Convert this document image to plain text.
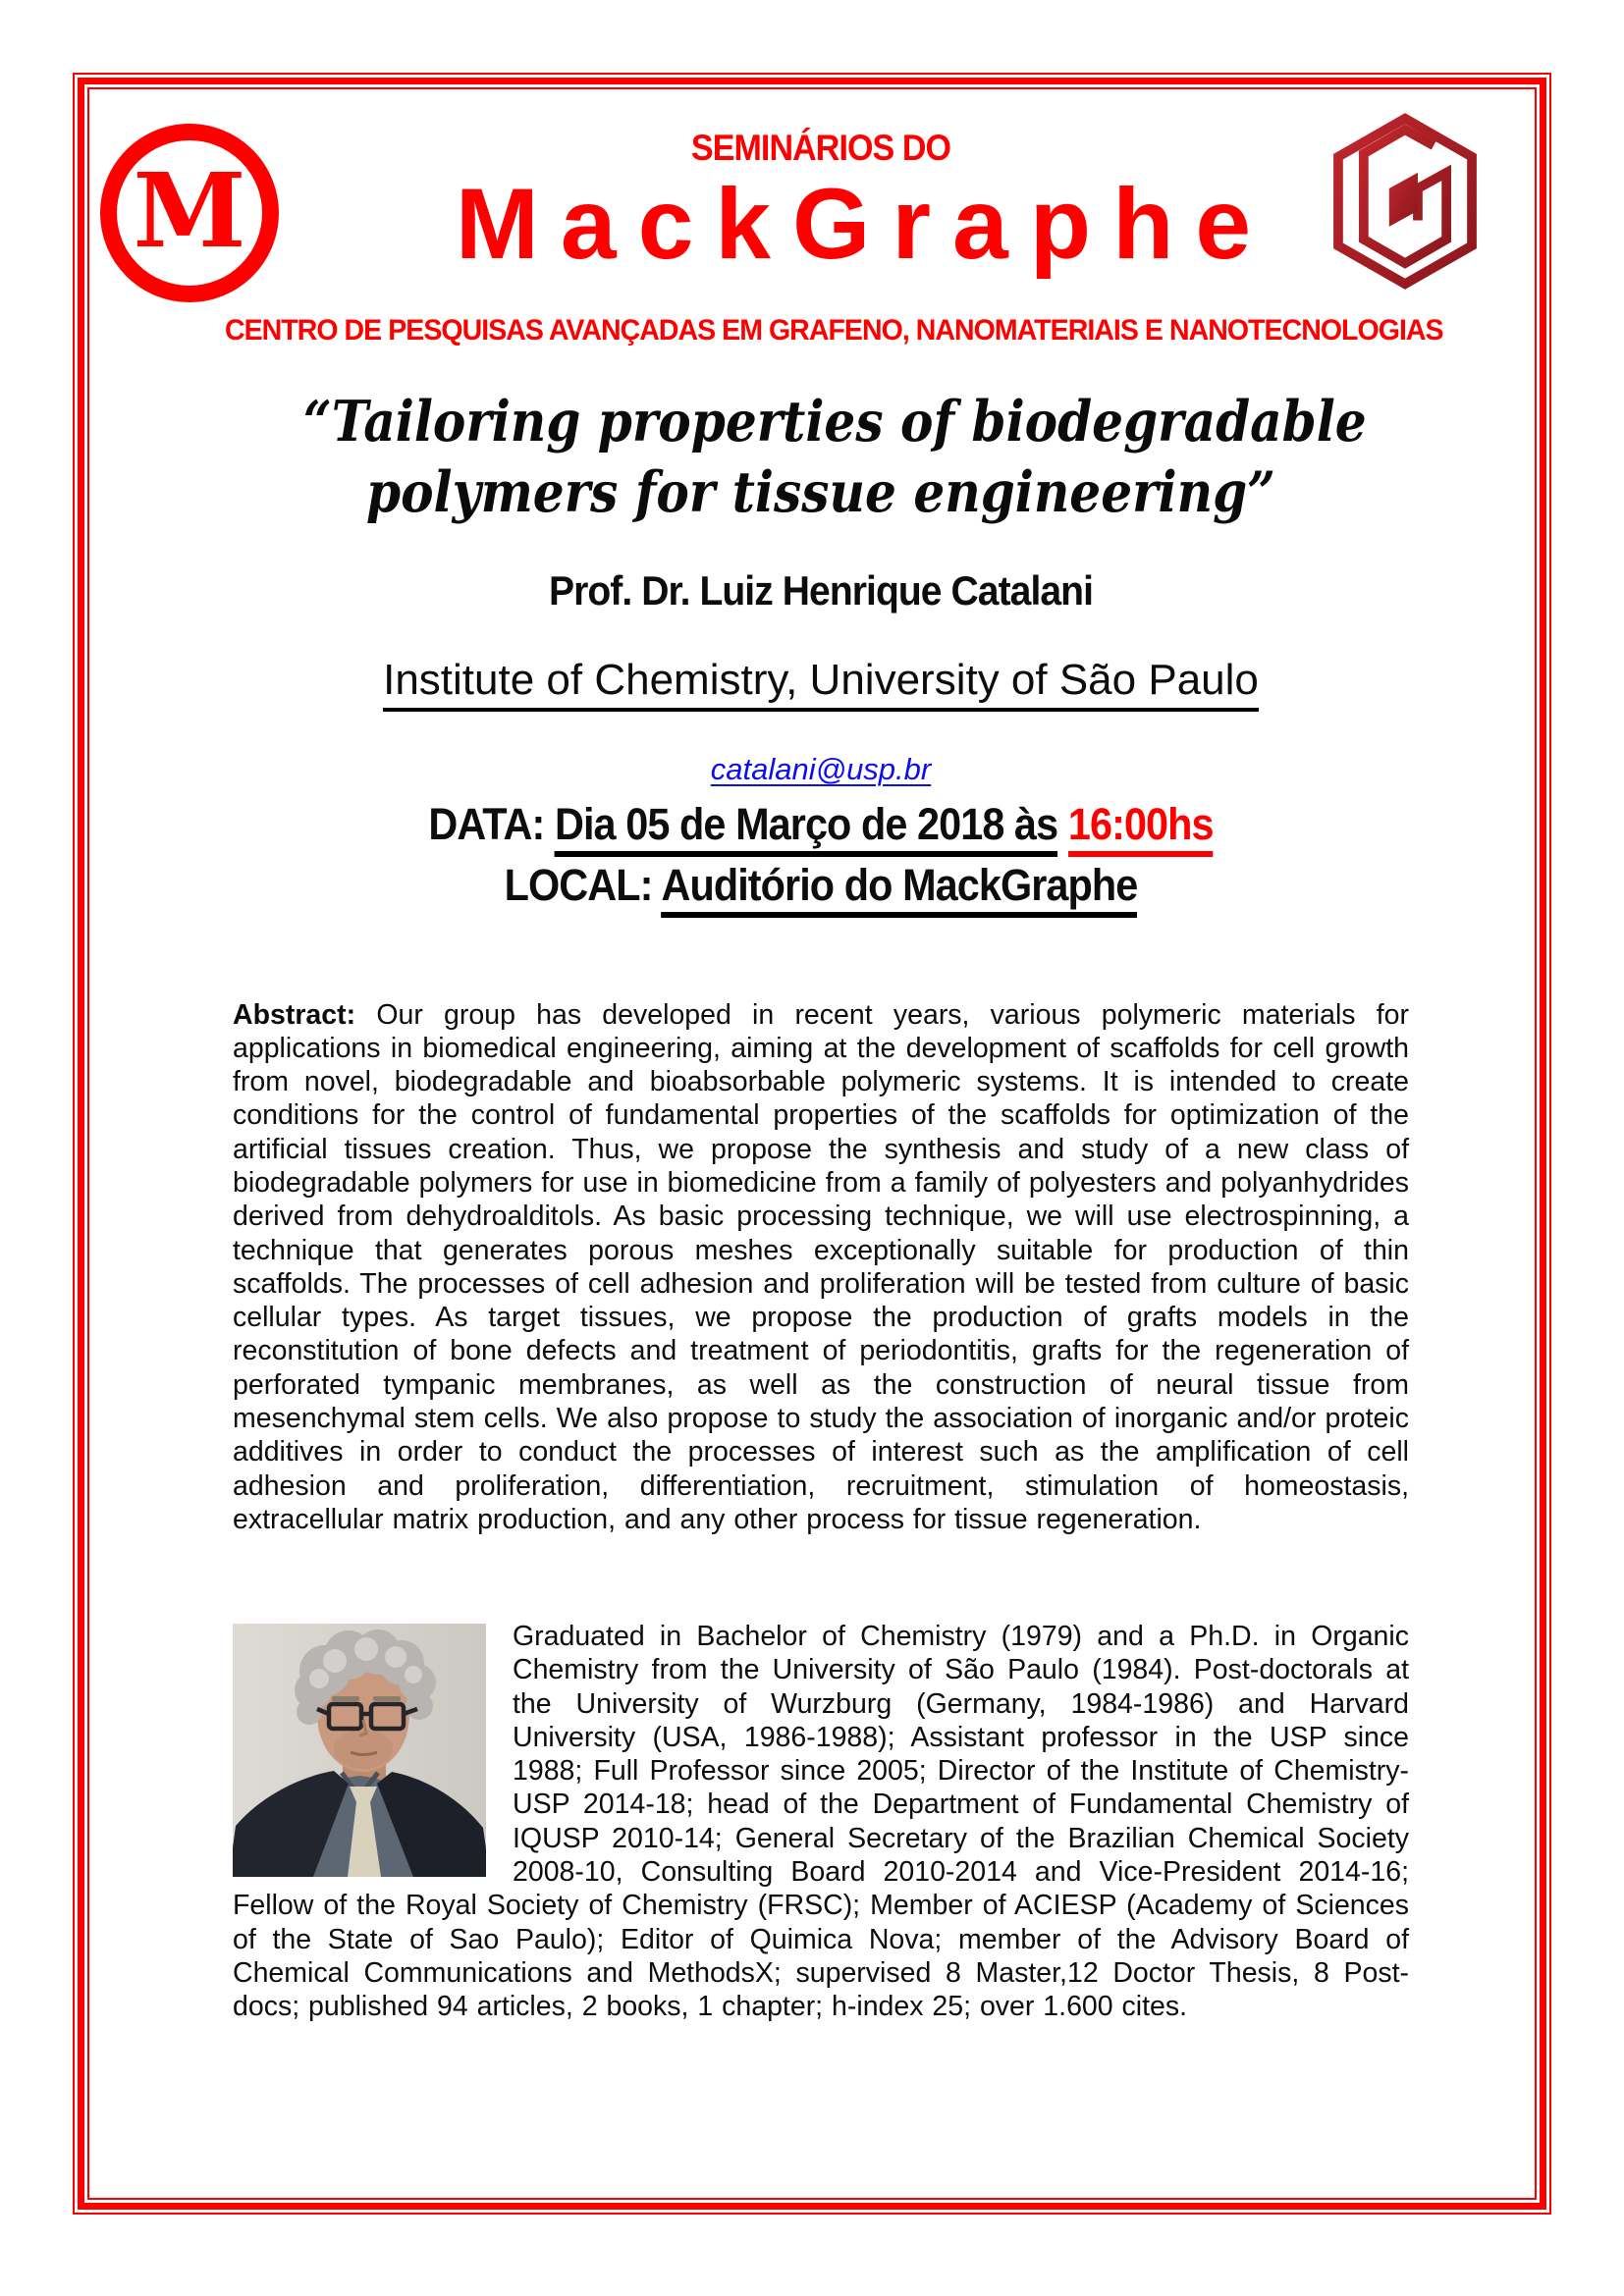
SEMINÁRIOS DO
M	MackGraphe
CENTRO DE PESQUISAS AVANÇADAS EM GRAFENO, NANOMATERIAIS E NANOTECNOLOGIAS
“Tailoring properties of biodegradable
polymers for tissue engineering”
Prof. Dr. Luiz Henrique Catalani
Institute of Chemistry, University of São Paulo
catalani@usp.br
DATA: Dia 05 de Março de 2018 às 16:00hs
LOCAL: Auditório do MackGraphe

Abstract: Our group has developed in recent years, various polymeric materials for applications in biomedical engineering, aiming at the development of scaffolds for cell growth from novel, biodegradable and bioabsorbable polymeric systems. It is intended to create conditions for the control of fundamental properties of the scaffolds for optimization of the artificial tissues creation. Thus, we propose the synthesis and study of a new class of biodegradable polymers for use in biomedicine from a family of polyesters and polyanhydrides derived from dehydroalditols. As basic processing technique, we will use electrospinning, a technique that generates porous meshes exceptionally suitable for production of thin scaffolds. The processes of cell adhesion and proliferation will be tested from culture of basic cellular types. As target tissues, we propose the production of grafts models in the reconstitution of bone defects and treatment of periodontitis, grafts for the regeneration of perforated tympanic membranes, as well as the construction of neural tissue from mesenchymal stem cells. We also propose to study the association of inorganic and/or proteic additives in order to conduct the processes of interest such as the amplification of cell adhesion and proliferation, differentiation, recruitment, stimulation of homeostasis, extracellular matrix production, and any other process for tissue regeneration.

Graduated in Bachelor of Chemistry (1979) and a Ph.D. in Organic Chemistry from the University of São Paulo (1984). Post-doctorals at the University of Wurzburg (Germany, 1984-1986) and Harvard University (USA, 1986-1988); Assistant professor in the USP since 1988; Full Professor since 2005; Director of the Institute of Chemistry-USP 2014-18; head of the Department of Fundamental Chemistry of IQUSP 2010-14; General Secretary of the Brazilian Chemical Society 2008-10, Consulting Board 2010-2014 and Vice-President 2014-16; Fellow of the Royal Society of Chemistry (FRSC); Member of ACIESP (Academy of Sciences of the State of Sao Paulo); Editor of Quimica Nova; member of the Advisory Board of Chemical Communications and MethodsX; supervised 8 Master,12 Doctor Thesis, 8 Post-docs; published 94 articles, 2 books, 1 chapter; h-index 25; over 1.600 cites.
